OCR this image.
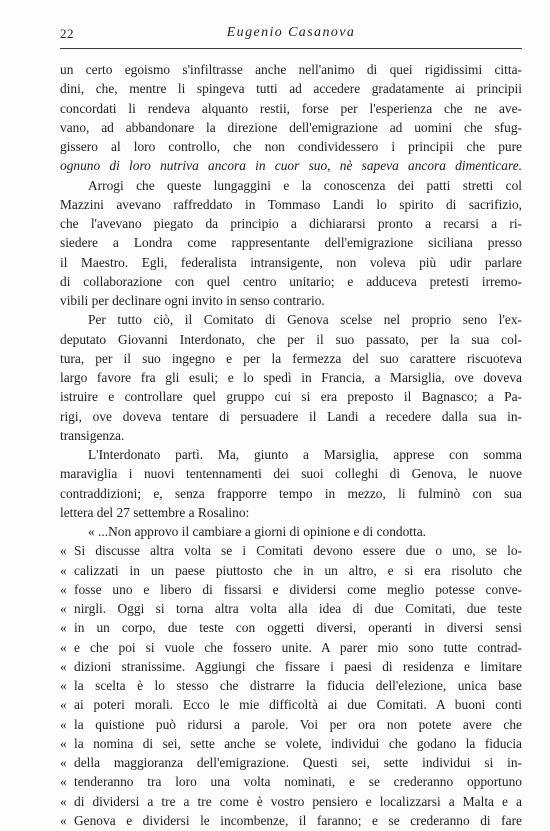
22	Eugenio Casanova
un certo egoismo s'infiltrasse anche nell'animo di quei rigidissimi citta-
dini, che, mentre li spingeva tutti ad accedere gradatamente ai principii
concordati li rendeva alquanto restii, forse per l'esperienza che ne ave-
vano, ad abbandonare la direzione dell'emigrazione ad uomini che sfug-
gissero al loro controllo, che non condividessero i principii che pure
ognuno di loro nutriva ancora in cuor suo, nè sapeva ancora dimenticare.
Arrogi che queste lungaggini e la conoscenza dei patti stretti col
Mazzini avevano raffreddato in Tommaso Landi lo spirito di sacrifizio,
che l'avevano piegato da principio a dichiararsi pronto a recarsi a ri-
siedere a Londra come rappresentante dell'emigrazione siciliana presso
il Maestro. Egli, federalista intransigente, non voleva più udir parlare
di collaborazione con quel centro unitario; e adduceva pretesti irremo-
vibili per declinare ogni invito in senso contrario.
Per tutto ciò, il Comitato di Genova scelse nel proprio seno l'ex-
deputato Giovanni Interdonato, che per il suo passato, per la sua col-
tura, per il suo ingegno e per la fermezza del suo carattere riscuoteva
largo favore fra gli esuli; e lo spedì in Francia, a Marsiglia, ove doveva
istruire e controllare quel gruppo cui si era preposto il Bagnasco; a Pa-
rigi, ove doveva tentare di persuadere il Landi a recedere dalla sua in-
transigenza.
L'Interdonato partì. Ma, giunto a Marsiglia, apprese con somma
maraviglia i nuovi tentennamenti dei suoi colleghi di Genova, le nuove
contraddizioni; e, senza frapporre tempo in mezzo, li fulminò con sua
lettera del 27 settembre a Rosalino:
« ...Non approvo il cambiare a giorni di opinione e di condotta.
« Si discusse altra volta se i Comitati devono essere due o uno, se lo-
« calizzati in un paese piuttosto che in un altro, e si era risoluto che
« fosse uno e libero di fissarsi e dividersi come meglio potesse conve-
« nirgli. Oggi si torna altra volta alla idea di due Comitati, due teste
« in un corpo, due teste con oggetti diversi, operanti in diversi sensi
« e che poi si vuole che fossero unite. A parer mio sono tutte contrad-
« dizioni stranissime. Aggiungi che fissare i paesi di residenza e limitare
« la scelta è lo stesso che distrarre la fiducia dell'elezione, unica base
« ai poteri morali. Ecco le mie difficoltà ai due Comitati. A buoni conti
« la quistione può ridursi a parole. Voi per ora non potete avere che
« la nomina di sei, sette anche se volete, individui che godano la fiducia
« della maggioranza dell'emigrazione. Questi sei, sette individui si in-
« tenderanno tra loro una volta nominati, e se crederanno opportuno
« di dividersi a tre a tre come è vostro pensiero e localizzarsi a Malta e a
« Genova e dividersi le incombenze, il faranno; e se crederanno di fare
